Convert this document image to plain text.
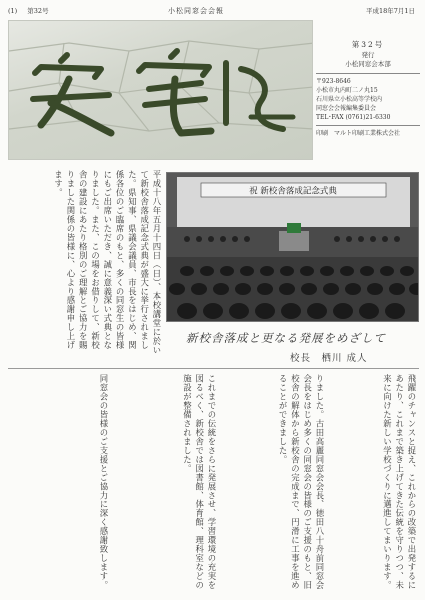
(1) 第32号	小松同窓会会報	平成18年7月1日
第32号
発行
小松同窓会本部
〒923-8646
小松市丸内町二ノ丸15
石川県立小松高等学校内
同窓会会報編集委員会
TEL･FAX (0761)21-6330
印刷　マルト印刷工業株式会社
平成十八年五月十四日（日）、本校講堂に於いて新校舎落成記念式典が盛大に挙行されました。県知事、県議会議員、市長をはじめ、関係各位のご臨席のもと、多くの同窓生の皆様にもご出席いただき、誠に意義深い式典となりました。また、この場をお借りして、新校舎の建設にあたり格別のご理解とご協力を賜りました関係の皆様に、心より感謝申し上げます。	祝 新校舎落成記念式典
新校舎落成と更なる発展をめざして
校長　栖川 成人
飛躍のチャンスと捉え、これからの改築で出発するにあたり、これまで築き上げてきた伝統を守りつつ、未来に向けた新しい学校づくりに邁進してまいります。
りました。古田高麗同窓会会長、徳田八十舟前同窓会会長をはじめ多くの同窓会の皆様のご支援のもと、旧校舎の解体から新校舎の完成まで、円滑に工事を進めることができました。
これまでの伝統をさらに発展させ、学習環境の充実を図るべく、新校舎では図書館、体育館、理科室などの施設が整備されました。
同窓会の皆様のご支援とご協力に深く感謝致します。
